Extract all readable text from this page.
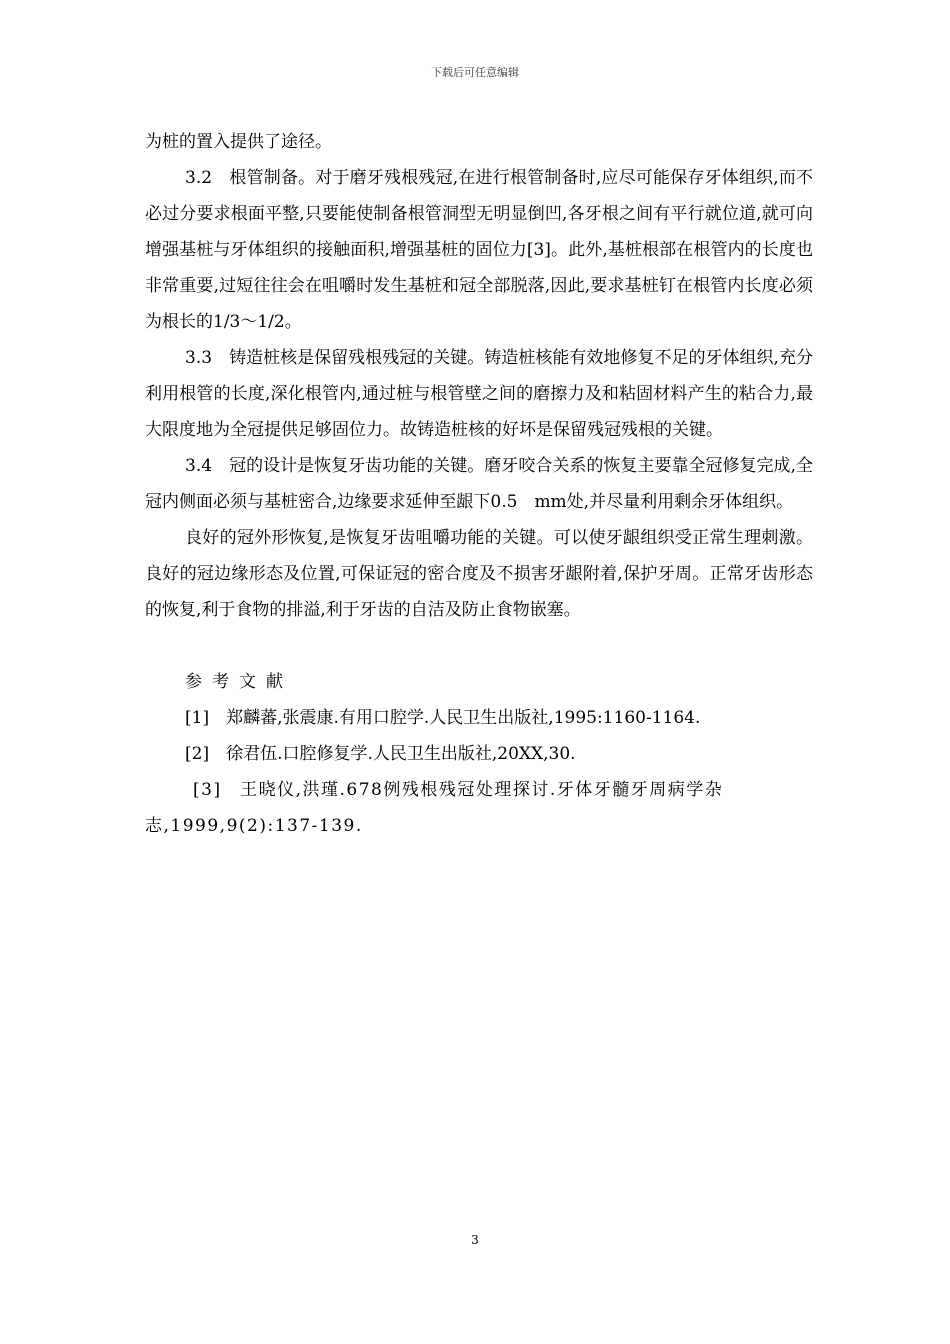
下载后可任意编辑

为桩的置入提供了途径。

3.2　根管制备。对于磨牙残根残冠,在进行根管制备时,应尽可能保存牙体组织,而不必过分要求根面平整,只要能使制备根管洞型无明显倒凹,各牙根之间有平行就位道,就可向增强基桩与牙体组织的接触面积,增强基桩的固位力[3]。此外,基桩根部在根管内的长度也非常重要,过短往往会在咀嚼时发生基桩和冠全部脱落,因此,要求基桩钉在根管内长度必须为根长的1/3～1/2。

3.3　铸造桩核是保留残根残冠的关键。铸造桩核能有效地修复不足的牙体组织,充分利用根管的长度,深化根管内,通过桩与根管壁之间的磨擦力及和粘固材料产生的粘合力,最大限度地为全冠提供足够固位力。故铸造桩核的好坏是保留残冠残根的关键。

3.4　冠的设计是恢复牙齿功能的关键。磨牙咬合关系的恢复主要靠全冠修复完成,全冠内侧面必须与基桩密合,边缘要求延伸至龈下0.5　mm处,并尽量利用剩余牙体组织。

良好的冠外形恢复,是恢复牙齿咀嚼功能的关键。可以使牙龈组织受正常生理刺激。良好的冠边缘形态及位置,可保证冠的密合度及不损害牙龈附着,保护牙周。正常牙齿形态的恢复,利于食物的排溢,利于牙齿的自洁及防止食物嵌塞。

参考文献

[1]　郑麟蕃,张震康.有用口腔学.人民卫生出版社,1995:1160-1164.

[2]　徐君伍.口腔修复学.人民卫生出版社,20XX,30.

[3]　王晓仪,洪瑾.678例残根残冠处理探讨.牙体牙髓牙周病学杂志,1999,9(2):137-139.

3
